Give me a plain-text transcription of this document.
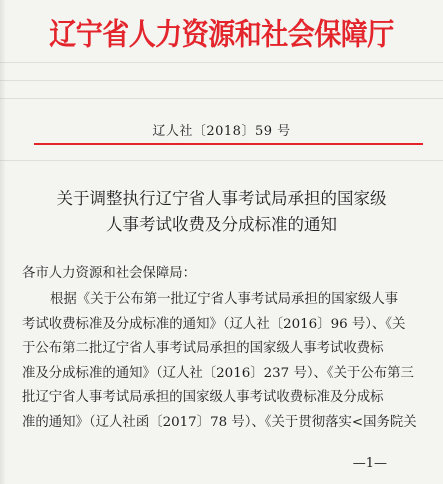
辽宁省人力资源和社会保障厅
辽人社〔2018〕59 号
关于调整执行辽宁省人事考试局承担的国家级
人事考试收费及分成标准的通知
各市人力资源和社会保障局：
根据《关于公布第一批辽宁省人事考试局承担的国家级人事
考试收费标准及分成标准的通知》（辽人社〔2016〕96 号）、《关
于公布第二批辽宁省人事考试局承担的国家级人事考试收费标
准及分成标准的通知》（辽人社〔2016〕237 号）、《关于公布第三
批辽宁省人事考试局承担的国家级人事考试收费标准及分成标
准的通知》（辽人社函〔2017〕78 号）、《关于贯彻落实<国务院关
—1—
